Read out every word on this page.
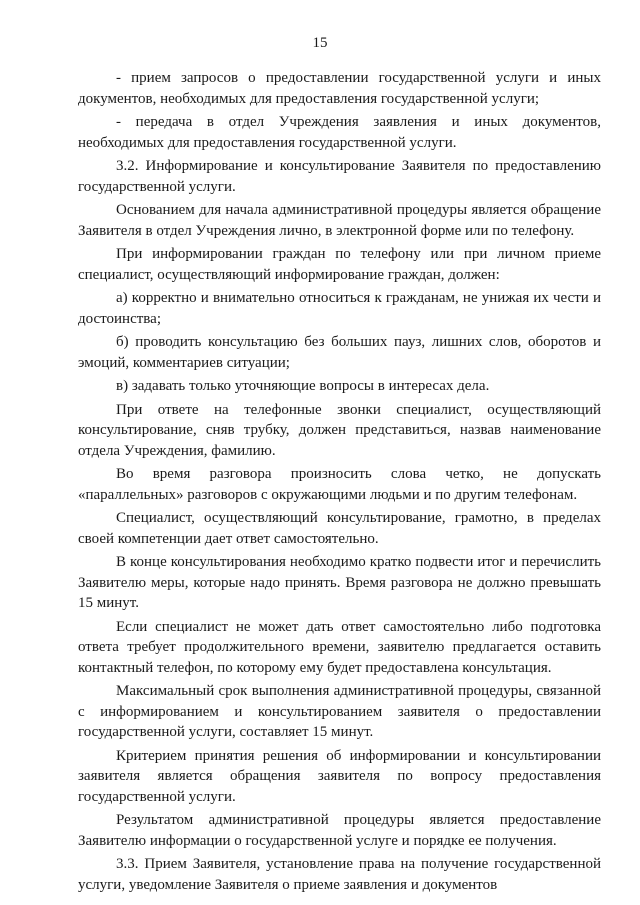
15

- прием запросов о предоставлении государственной услуги и иных документов, необходимых для предоставления государственной услуги;

- передача в отдел Учреждения заявления и иных документов, необходимых для предоставления государственной услуги.

3.2. Информирование и консультирование Заявителя по предоставлению государственной услуги.

Основанием для начала административной процедуры является обращение Заявителя в отдел Учреждения лично, в электронной форме или по телефону.

При информировании граждан по телефону или при личном приеме специалист, осуществляющий информирование граждан, должен:

а) корректно и внимательно относиться к гражданам, не унижая их чести и достоинства;

б) проводить консультацию без больших пауз, лишних слов, оборотов и эмоций, комментариев ситуации;

в) задавать только уточняющие вопросы в интересах дела.

При ответе на телефонные звонки специалист, осуществляющий консультирование, сняв трубку, должен представиться, назвав наименование отдела Учреждения, фамилию.

Во время разговора произносить слова четко, не допускать «параллельных» разговоров с окружающими людьми и по другим телефонам.

Специалист, осуществляющий консультирование, грамотно, в пределах своей компетенции дает ответ самостоятельно.

В конце консультирования необходимо кратко подвести итог и перечислить Заявителю меры, которые надо принять. Время разговора не должно превышать 15 минут.

Если специалист не может дать ответ самостоятельно либо подготовка ответа требует продолжительного времени, заявителю предлагается оставить контактный телефон, по которому ему будет предоставлена консультация.

Максимальный срок выполнения административной процедуры, связанной с информированием и консультированием заявителя о предоставлении государственной услуги, составляет 15 минут.

Критерием принятия решения об информировании и консультировании заявителя является обращения заявителя по вопросу предоставления государственной услуги.

Результатом административной процедуры является предоставление Заявителю информации о государственной услуге и порядке ее получения.

3.3. Прием Заявителя, установление права на получение государственной услуги, уведомление Заявителя о приеме заявления и документов
